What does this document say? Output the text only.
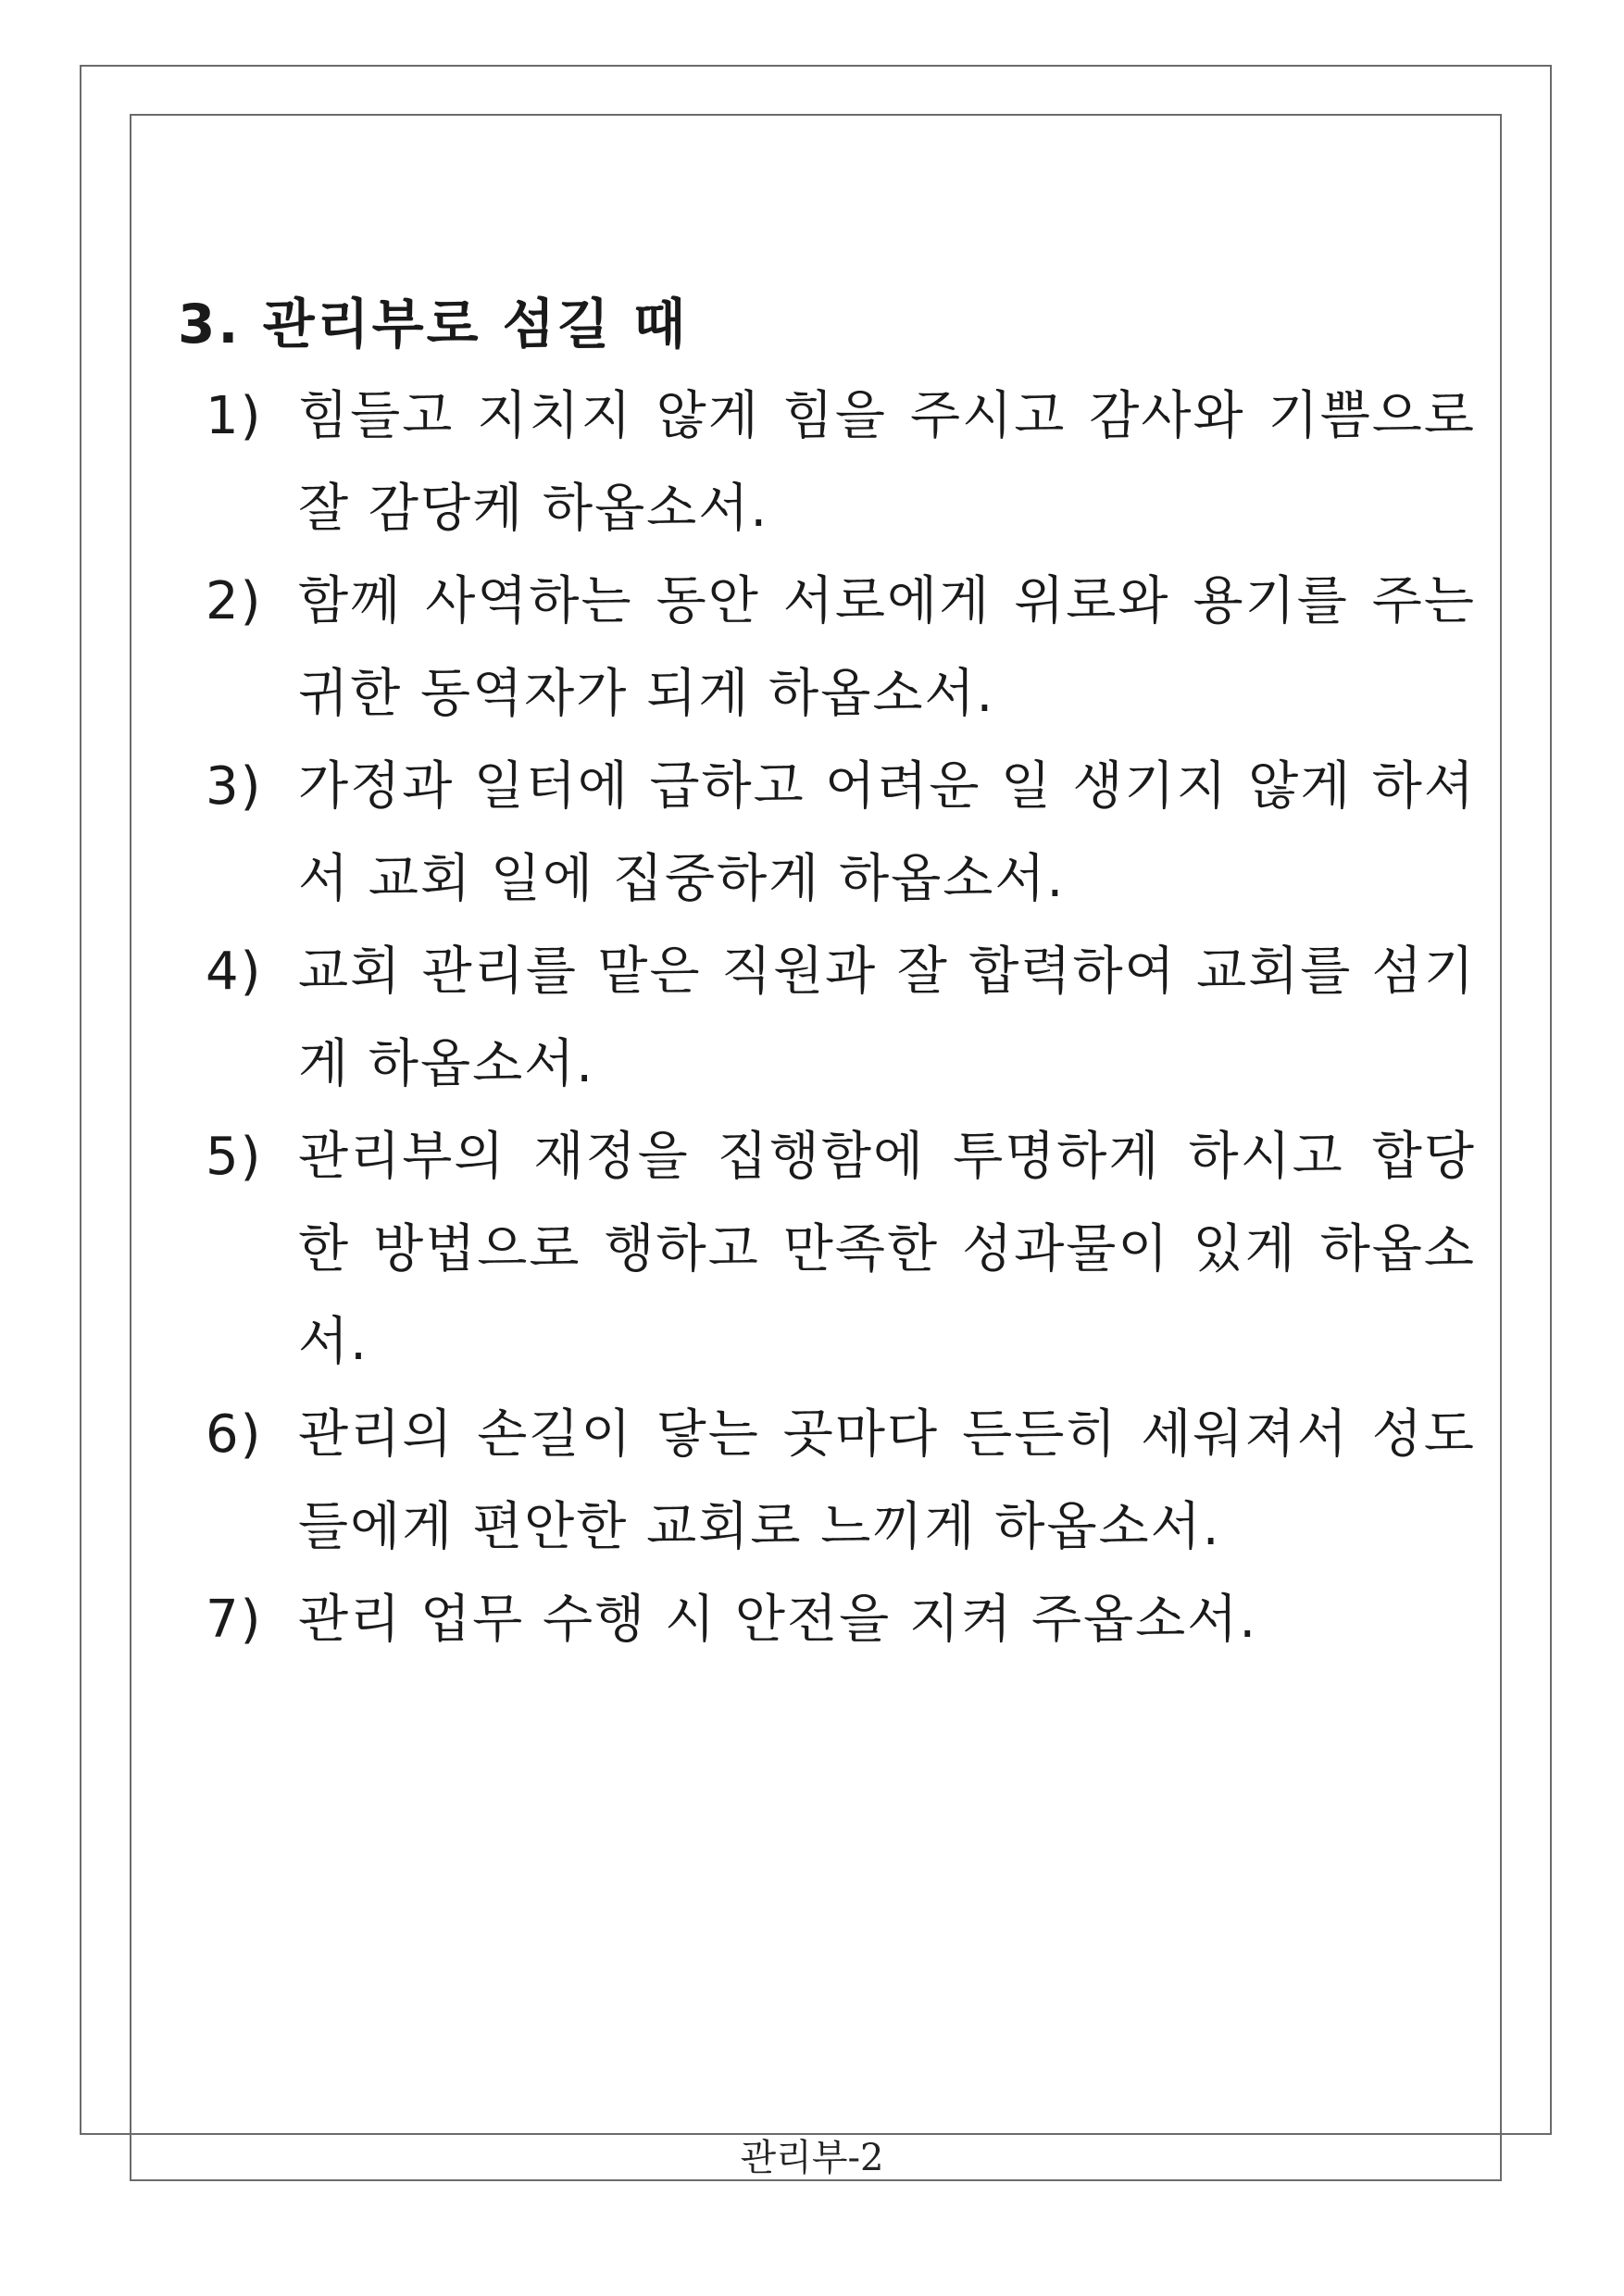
3. 관리부로 섬길 때
1) 힘들고 지치지 않게 힘을 주시고 감사와 기쁨으로 잘 감당케 하옵소서.
2) 함께 사역하는 동안 서로에게 위로와 용기를 주는 귀한 동역자가 되게 하옵소서.
3) 가정과 일터에 급하고 어려운 일 생기지 않게 하셔서 교회 일에 집중하게 하옵소서.
4) 교회 관리를 맡은 직원과 잘 합력하여 교회를 섬기게 하옵소서.
5) 관리부의 재정을 집행함에 투명하게 하시고 합당한 방법으로 행하고 만족한 성과물이 있게 하옵소서.
6) 관리의 손길이 닿는 곳마다 든든히 세워져서 성도들에게 편안한 교회로 느끼게 하옵소서.
7) 관리 업무 수행 시 안전을 지켜 주옵소서.
관리부-2
